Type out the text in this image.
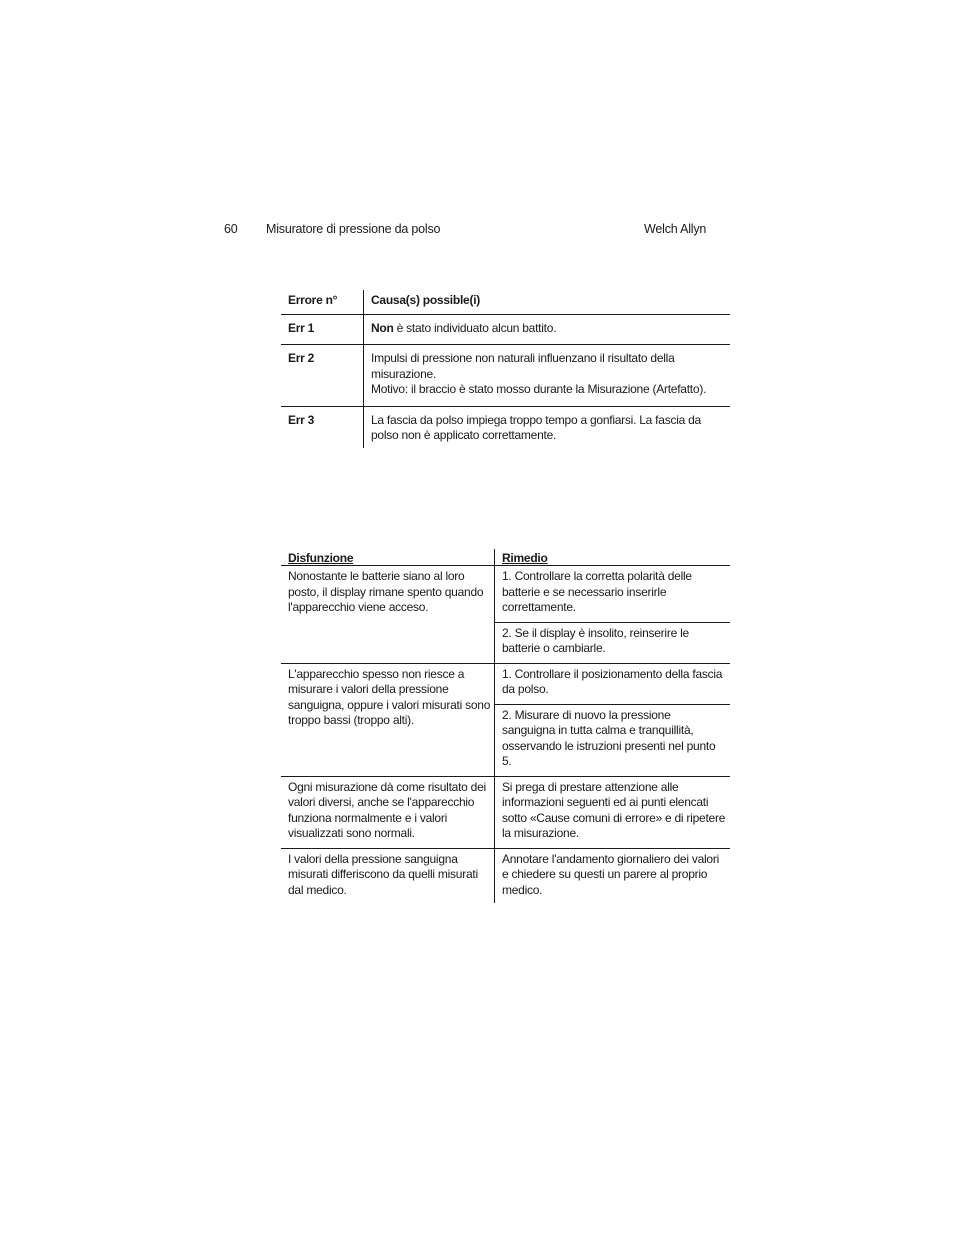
60 Misuratore di pressione da polso	Welch Allyn
Errore n°	Causa(s) possible(i)
Err 1	Non è stato individuato alcun battito.
Err 2	Impulsi di pressione non naturali influenzano il risultato della misurazione.
Motivo: il braccio è stato mosso durante la Misurazione (Artefatto).

Err 3	La fascia da polso impiega troppo tempo a gonfiarsi. La fascia da polso non è applicato correttamente.
Disfunzione	Rimedio
Nonostante le batterie siano al loro posto, il display rimane spento quando l'apparecchio viene acceso.	1. Controllare la corretta polarità delle batterie e se necessario inserirle correttamente.
	2. Se il display è insolito, reinserire le batterie o cambiarle.
L'apparecchio spesso non riesce a misurare i valori della pressione sanguigna, oppure i valori misurati sono troppo bassi (troppo alti).	1. Controllare il posizionamento della fascia da polso.
	2. Misurare di nuovo la pressione sanguigna in tutta calma e tranquillità, osservando le istruzioni presenti nel punto 5.
Ogni misurazione dà come risultato dei valori diversi, anche se l'apparecchio funziona normalmente e i valori visualizzati sono normali.	Si prega di prestare attenzione alle informazioni seguenti ed ai punti elencati sotto «Cause comuni di errore» e di ripetere la misurazione.
I valori della pressione sanguigna misurati differiscono da quelli misurati dal medico.	Annotare l'andamento giornaliero dei valori e chiedere su questi un parere al proprio medico.
